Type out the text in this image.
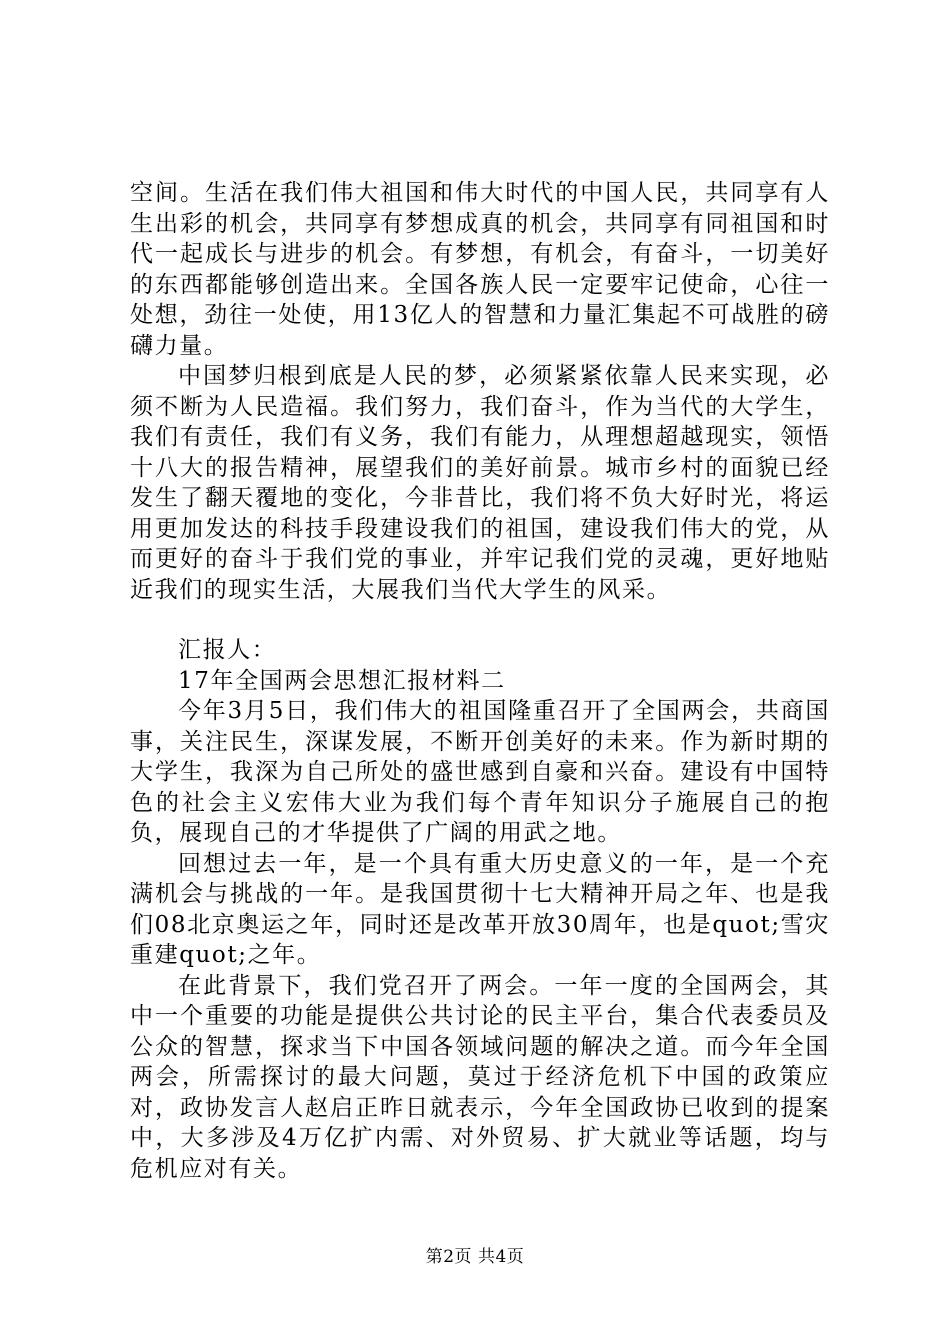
空间。生活在我们伟大祖国和伟大时代的中国人民，共同享有人生出彩的机会，共同享有梦想成真的机会，共同享有同祖国和时代一起成长与进步的机会。有梦想，有机会，有奋斗，一切美好的东西都能够创造出来。全国各族人民一定要牢记使命，心往一处想，劲往一处使，用13亿人的智慧和力量汇集起不可战胜的磅礴力量。

中国梦归根到底是人民的梦，必须紧紧依靠人民来实现，必须不断为人民造福。我们努力，我们奋斗，作为当代的大学生，我们有责任，我们有义务，我们有能力，从理想超越现实，领悟十八大的报告精神，展望我们的美好前景。城市乡村的面貌已经发生了翻天覆地的变化，今非昔比，我们将不负大好时光，将运用更加发达的科技手段建设我们的祖国，建设我们伟大的党，从而更好的奋斗于我们党的事业，并牢记我们党的灵魂，更好地贴近我们的现实生活，大展我们当代大学生的风采。

汇报人：

17年全国两会思想汇报材料二

今年3月5日，我们伟大的祖国隆重召开了全国两会，共商国事，关注民生，深谋发展，不断开创美好的未来。作为新时期的大学生，我深为自己所处的盛世感到自豪和兴奋。建设有中国特色的社会主义宏伟大业为我们每个青年知识分子施展自己的抱负，展现自己的才华提供了广阔的用武之地。

回想过去一年，是一个具有重大历史意义的一年，是一个充满机会与挑战的一年。是我国贯彻十七大精神开局之年、也是我们08北京奥运之年，同时还是改革开放30周年，也是quot;雪灾重建quot;之年。

在此背景下，我们党召开了两会。一年一度的全国两会，其中一个重要的功能是提供公共讨论的民主平台，集合代表委员及公众的智慧，探求当下中国各领域问题的解决之道。而今年全国两会，所需探讨的最大问题，莫过于经济危机下中国的政策应对，政协发言人赵启正昨日就表示，今年全国政协已收到的提案中，大多涉及4万亿扩内需、对外贸易、扩大就业等话题，均与危机应对有关。

第2页 共4页
